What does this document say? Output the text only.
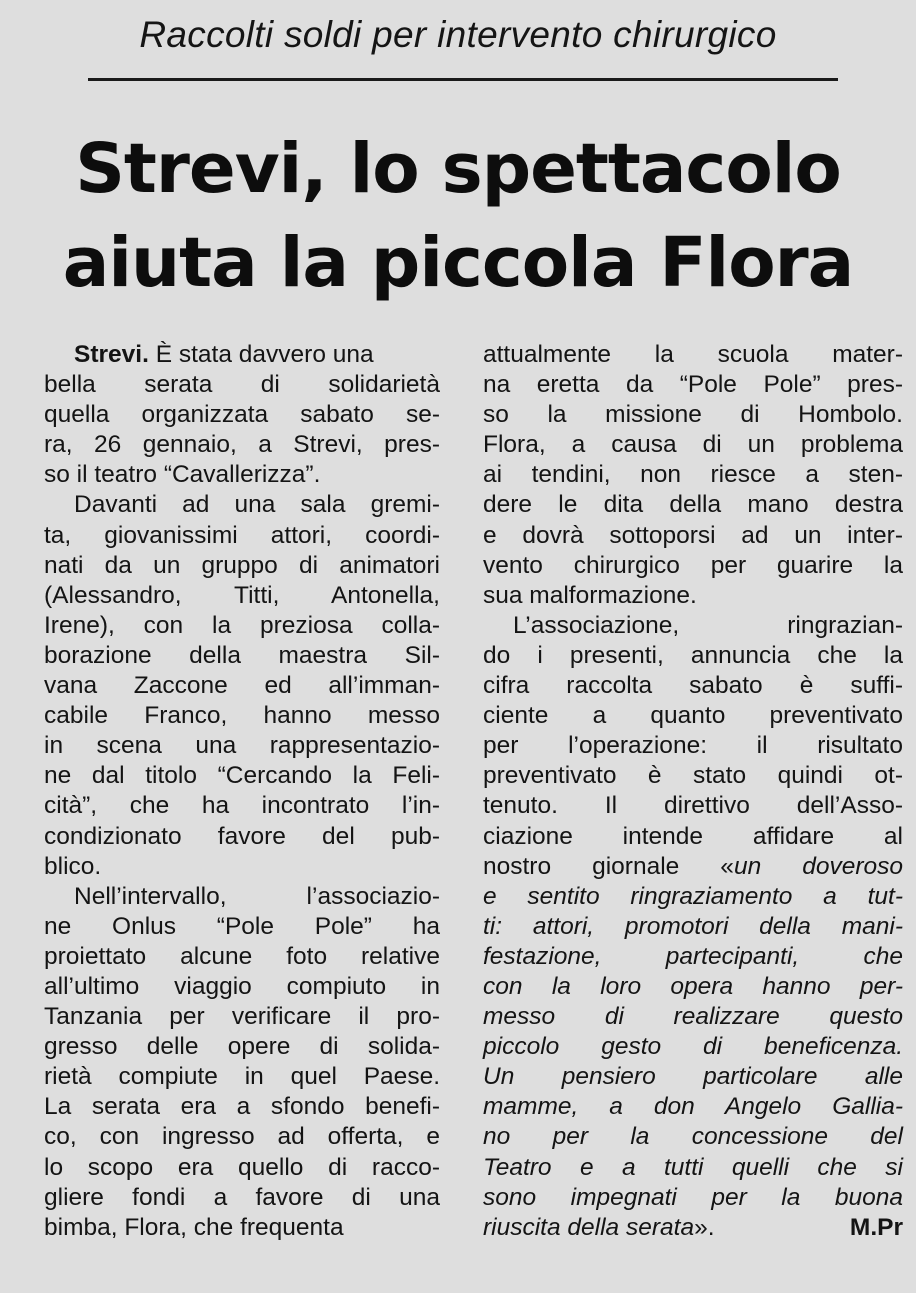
Raccolti soldi per intervento chirurgico
Strevi, lo spettacolo
aiuta la piccola Flora
Strevi. È stata davvero una
bella serata di solidarietà
quella organizzata sabato se-
ra, 26 gennaio, a Strevi, pres-
so il teatro “Cavallerizza”.
Davanti ad una sala gremi-
ta, giovanissimi attori, coordi-
nati da un gruppo di animatori
(Alessandro, Titti, Antonella,
Irene), con la preziosa colla-
borazione della maestra Sil-
vana Zaccone ed all’imman-
cabile Franco, hanno messo
in scena una rappresentazio-
ne dal titolo “Cercando la Feli-
cità”, che ha incontrato l’in-
condizionato favore del pub-
blico.
Nell’intervallo, l’associazio-
ne Onlus “Pole Pole” ha
proiettato alcune foto relative
all’ultimo viaggio compiuto in
Tanzania per verificare il pro-
gresso delle opere di solida-
rietà compiute in quel Paese.
La serata era a sfondo benefi-
co, con ingresso ad offerta, e
lo scopo era quello di racco-
gliere fondi a favore di una
bimba, Flora, che frequenta
attualmente la scuola mater-
na eretta da “Pole Pole” pres-
so la missione di Hombolo.
Flora, a causa di un problema
ai tendini, non riesce a sten-
dere le dita della mano destra
e dovrà sottoporsi ad un inter-
vento chirurgico per guarire la
sua malformazione.
L’associazione, ringrazian-
do i presenti, annuncia che la
cifra raccolta sabato è suffi-
ciente a quanto preventivato
per l’operazione: il risultato
preventivato è stato quindi ot-
tenuto. Il direttivo dell’Asso-
ciazione intende affidare al
nostro giornale «un doveroso
e sentito ringraziamento a tut-
ti: attori, promotori della mani-
festazione, partecipanti, che
con la loro opera hanno per-
messo di realizzare questo
piccolo gesto di beneficenza.
Un pensiero particolare alle
mamme, a don Angelo Gallia-
no per la concessione del
Teatro e a tutti quelli che si
sono impegnati per la buona
riuscita della serata».	M.Pr
